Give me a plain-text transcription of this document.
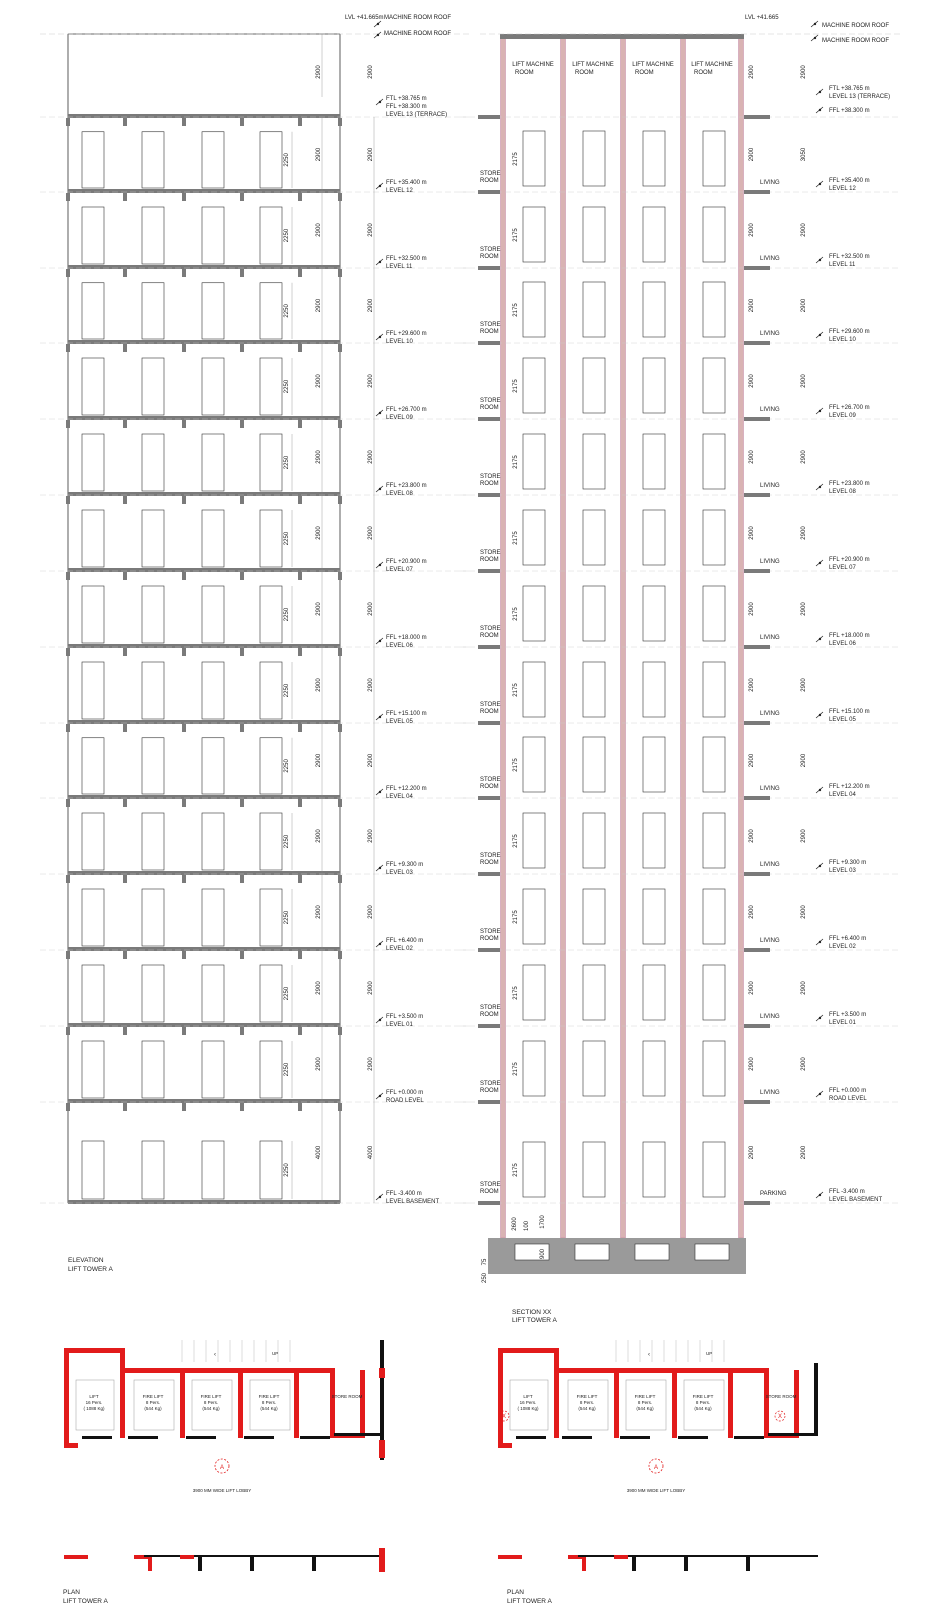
2250	2900	2900
2250	2900	2900
2250	2900	2900
2250	2900	2900
2250	2900	2900
2250	2900	2900
2250	2900	2900
2250	2900	2900
2250	2900	2900
2250	2900	2900
2250	2900	2900
2250	2900	2900
2250	2900	2900
2250
4000	4000
2900	2900
LVL +41.665m MACHINE ROOM ROOF
MACHINE ROOM ROOF
FTL +38.765 m
FFL +38.300 m
LEVEL 13 (TERRACE)
FFL +35.400 m
LEVEL 12
FFL +32.500 m
LEVEL 11
FFL +29.600 m
LEVEL 10
FFL +26.700 m
LEVEL 09
FFL +23.800 m
LEVEL 08
FFL +20.900 m
LEVEL 07
FFL +18.000 m
LEVEL 06
FFL +15.100 m
LEVEL 05
FFL +12.200 m
LEVEL 04
FFL +9.300 m
LEVEL 03
FFL +6.400 m
LEVEL 02
FFL +3.500 m
LEVEL 01
FFL +0.000 m
ROAD LEVEL
FFL -3.400 m
LEVEL BASEMENT
LIFT MACHINE
ROOM
LIFT MACHINE
ROOM
LIFT MACHINE
ROOM
LIFT MACHINE
ROOM
STORE
ROOM	LIVING
STORE
ROOM	LIVING
STORE
ROOM	LIVING
STORE
ROOM	LIVING
STORE
ROOM	LIVING
STORE
ROOM	LIVING
STORE
ROOM	LIVING
STORE
ROOM	LIVING
STORE
ROOM	LIVING
STORE
ROOM	LIVING
STORE
ROOM	LIVING
STORE
ROOM	LIVING
STORE
ROOM	LIVING
STORE
ROOM	PARKING
2175	2900	3050
2175	2900	2900
2175	2900	2900
2175	2900	2900
2175	2900	2900
2175	2900	2900
2175	2900	2900
2175	2900	2900
2175	2900	2900
2175	2900	2900
2175	2900	2900
2175	2900	2900
2175	2900	2900
2175
2900	2900
2900	2900
2600 100 1700
900
75
250
LVL +41.665
MACHINE ROOM ROOF
MACHINE ROOM ROOF
FTL +38.765 m
LEVEL 13 (TERRACE)
FFL +38.300 m
FFL +35.400 m
LEVEL 12
FFL +32.500 m
LEVEL 11
FFL +29.600 m
LEVEL 10
FFL +26.700 m
LEVEL 09
FFL +23.800 m
LEVEL 08
FFL +20.900 m
LEVEL 07
FFL +18.000 m
LEVEL 06
FFL +15.100 m
LEVEL 05
FFL +12.200 m
LEVEL 04
FFL +9.300 m
LEVEL 03
FFL +6.400 m
LEVEL 02
FFL +3.500 m
LEVEL 01
FFL +0.000 m
ROAD LEVEL
FFL -3.400 m
LEVEL BASEMENT
UP
‹
LIFT
16 Pers.
( 1088 Kg)
FIRE LIFT
8 Pers.
(544 Kg)
FIRE LIFT
8 Pers.
(544 Kg)
FIRE LIFT
8 Pers.
(544 Kg)
STORE ROOM
3900 MM WIDE LIFT LOBBY
A
UP
‹
LIFT
16 Pers.
( 1088 Kg)
FIRE LIFT
8 Pers.
(544 Kg)
FIRE LIFT
8 Pers.
(544 Kg)
FIRE LIFT
8 Pers.
(544 Kg)
STORE ROOM
3900 MM WIDE LIFT LOBBY
A
X	X
ELEVATION
LIFT TOWER A
SECTION XX
LIFT TOWER A
PLAN
LIFT TOWER A
PLAN
LIFT TOWER A
